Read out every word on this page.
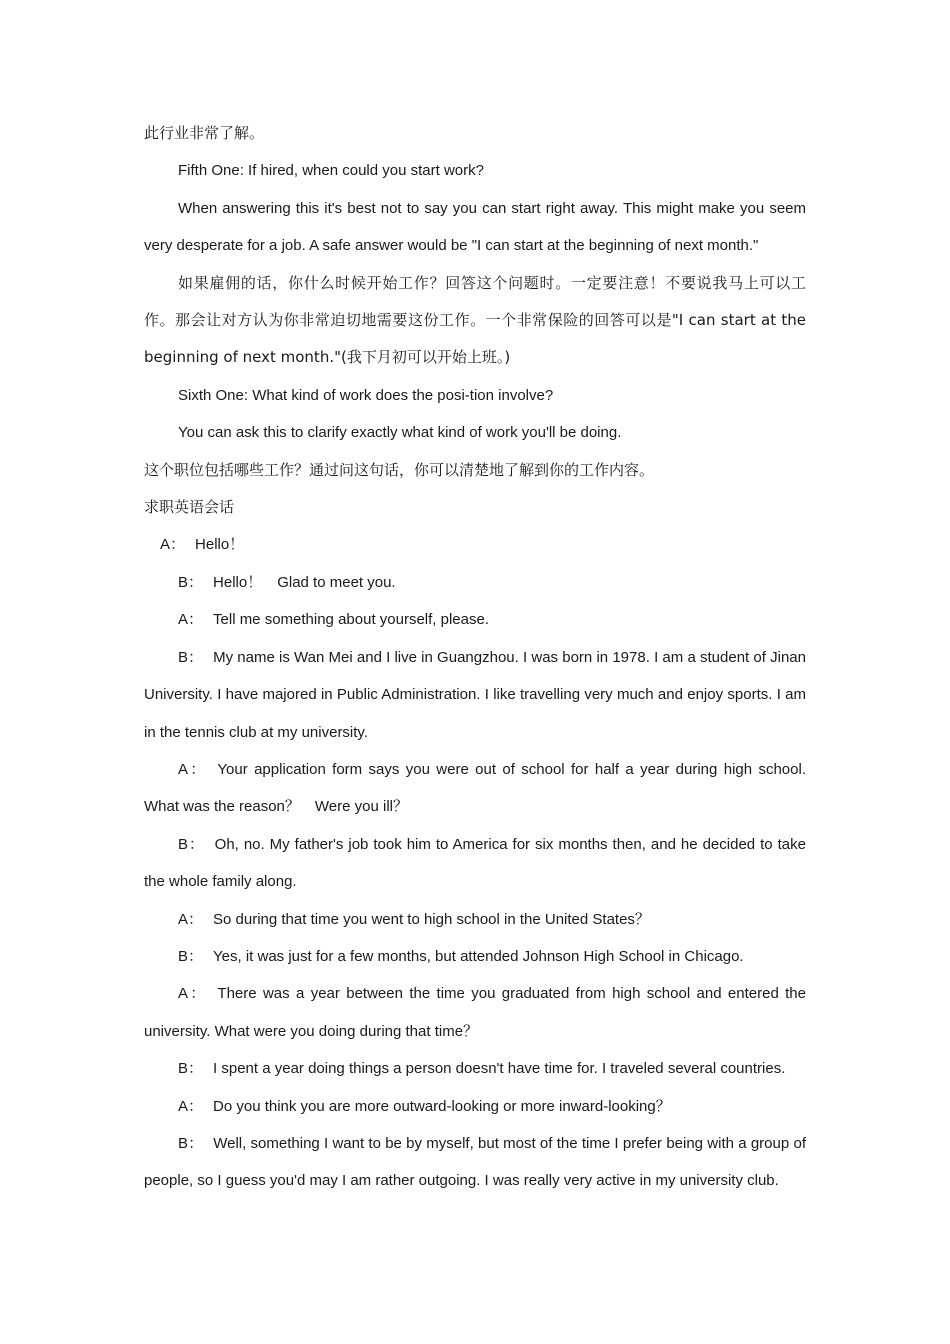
此行业非常了解。

Fifth One: If hired, when could you start work?

When answering this it's best not to say you can start right away. This might make you seem very desperate for a job. A safe answer would be "I can start at the beginning of next month."

如果雇佣的话，你什么时候开始工作？回答这个问题时。一定要注意！不要说我马上可以工作。那会让对方认为你非常迫切地需要这份工作。一个非常保险的回答可以是"I can start at the beginning of next month."(我下月初可以开始上班。)

Sixth One: What kind of work does the posi-tion involve?

You can ask this to clarify exactly what kind of work you'll be doing.

这个职位包括哪些工作？通过问这句话，你可以清楚地了解到你的工作内容。

求职英语会话

A： Hello！

B： Hello！　Glad to meet you.

A： Tell me something about yourself, please.

B： My name is Wan Mei and I live in Guangzhou. I was born in 1978. I am a student of Jinan University. I have majored in Public Administration. I like travelling very much and enjoy sports. I am in the tennis club at my university.

A： Your application form says you were out of school for half a year during high school. What was the reason？　Were you ill？

B： Oh, no. My father's job took him to America for six months then, and he decided to take the whole family along.

A： So during that time you went to high school in the United States？

B： Yes, it was just for a few months, but attended Johnson High School in Chicago.

A： There was a year between the time you graduated from high school and entered the university. What were you doing during that time？

B： I spent a year doing things a person doesn't have time for. I traveled several countries.

A： Do you think you are more outward-looking or more inward-looking？

B： Well, something I want to be by myself, but most of the time I prefer being with a group of people, so I guess you'd may I am rather outgoing. I was really very active in my university club.
